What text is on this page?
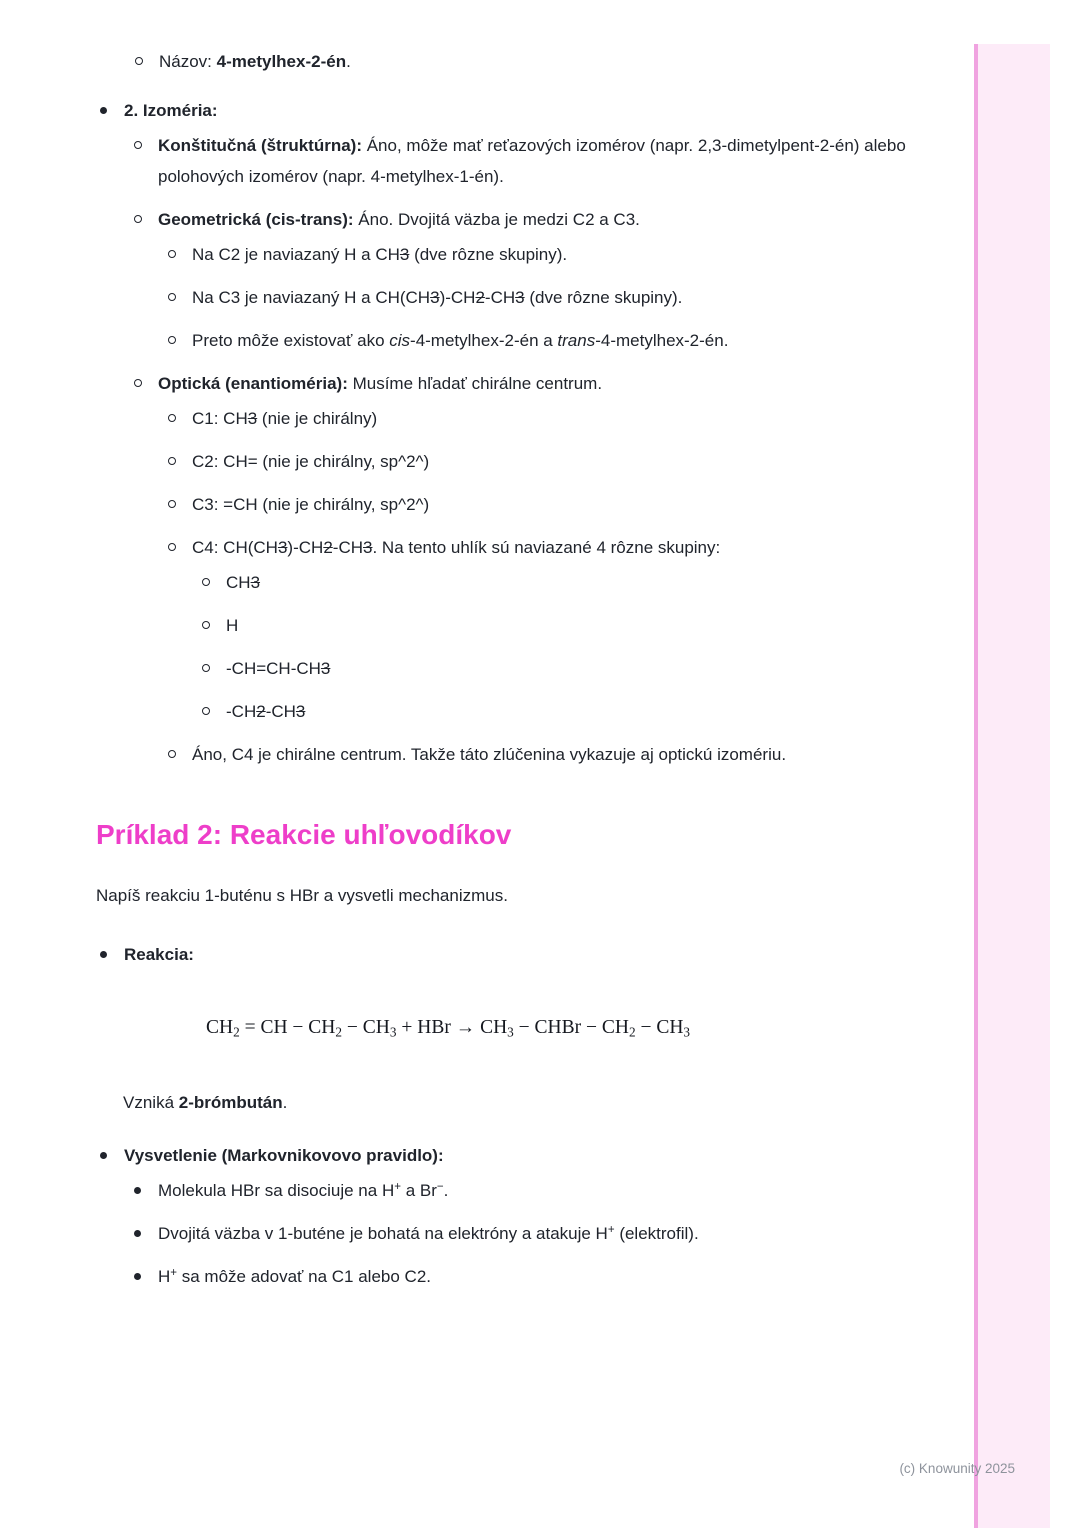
Názov: 4-metylhex-2-én.
2. Izoméria:
Konštitučná (štruktúrna): Áno, môže mať reťazových izomérov (napr. 2,3-dimetylpent-2-én) alebo polohových izomérov (napr. 4-metylhex-1-én).
Geometrická (cis-trans): Áno. Dvojitá väzba je medzi C2 a C3.
Na C2 je naviazaný H a CH3 (dve rôzne skupiny).
Na C3 je naviazaný H a CH(CH3)-CH2-CH3 (dve rôzne skupiny).
Preto môže existovať ako cis-4-metylhex-2-én a trans-4-metylhex-2-én.
Optická (enantioméria): Musíme hľadať chirálne centrum.
C1: CH3 (nie je chirálny)
C2: CH= (nie je chirálny, sp^2^)
C3: =CH (nie je chirálny, sp^2^)
C4: CH(CH3)-CH2-CH3. Na tento uhlík sú naviazané 4 rôzne skupiny:
CH3
H
-CH=CH-CH3
-CH2-CH3
Áno, C4 je chirálne centrum. Takže táto zlúčenina vykazuje aj optickú izomériu.
Príklad 2: Reakcie uhľovodíkov

Napíš reakciu 1-buténu s HBr a vysvetli mechanizmus.

Reakcia:
CH2 = CH − CH2 − CH3 + HBr → CH3 − CHBr − CH2 − CH3

Vzniká 2-brómbután.

Vysvetlenie (Markovnikovovo pravidlo):
Molekula HBr sa disociuje na H+ a Br−.
Dvojitá väzba v 1-buténe je bohatá na elektróny a atakuje H+ (elektrofil).
H+ sa môže adovať na C1 alebo C2.
(c) Knowunity 2025
